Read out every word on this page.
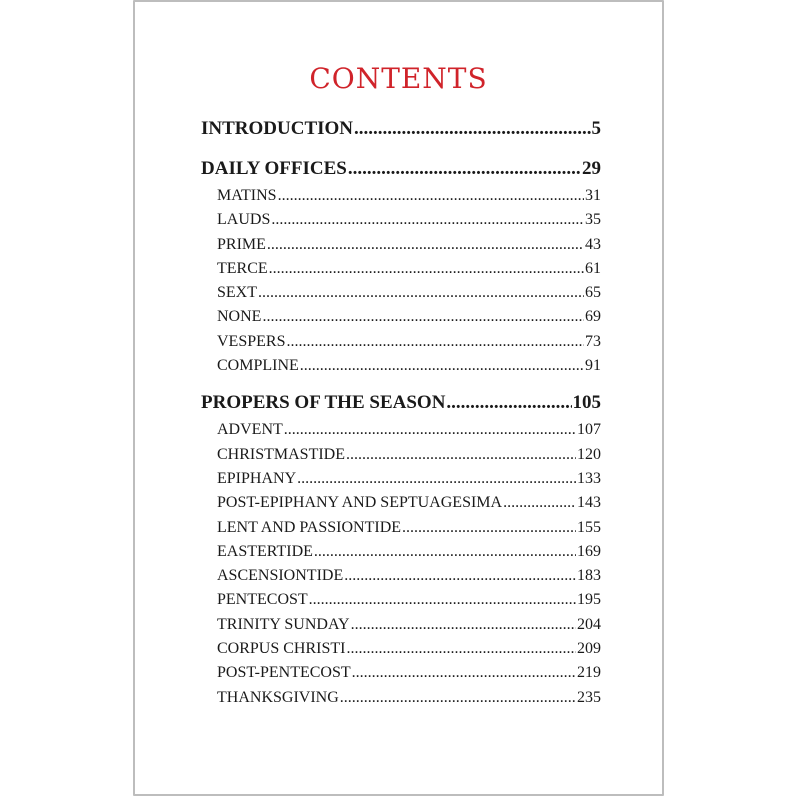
CONTENTS
INTRODUCTION .....	5
DAILY OFFICES .....	29
MATINS .....	31
LAUDS .....	35
PRIME .....	43
TERCE .....	61
SEXT .....	65
NONE .....	69
VESPERS .....	73
COMPLINE .....	91
PROPERS OF THE SEASON .....	105
ADVENT .....	107
CHRISTMASTIDE .....	120
EPIPHANY .....	133
POST-EPIPHANY AND SEPTUAGESIMA .....	143
LENT AND PASSIONTIDE .....	155
EASTERTIDE .....	169
ASCENSIONTIDE .....	183
PENTECOST .....	195
TRINITY SUNDAY .....	204
CORPUS CHRISTI .....	209
POST-PENTECOST .....	219
THANKSGIVING .....	235
